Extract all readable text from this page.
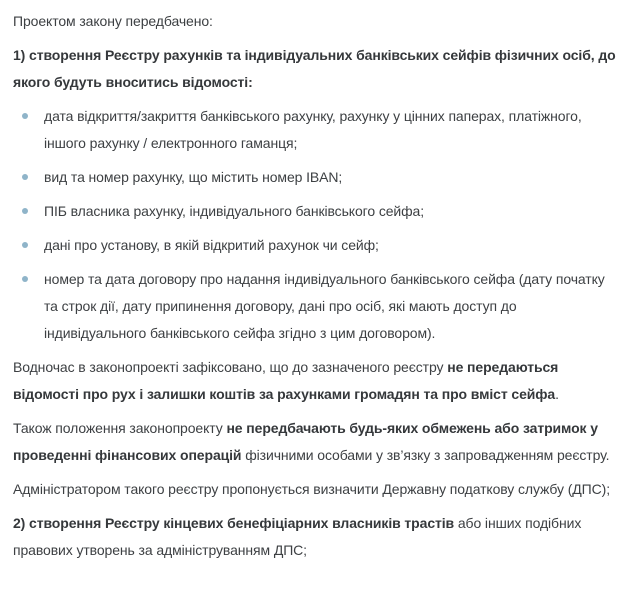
Проектом закону передбачено:

1) створення Реєстру рахунків та індивідуальних банківських сейфів фізичних осіб, до якого будуть вноситись відомості:

дата відкриття/закриття банківського рахунку, рахунку у цінних паперах, платіжного, іншого рахунку / електронного гаманця;
вид та номер рахунку, що містить номер IBAN;
ПІБ власника рахунку, індивідуального банківського сейфа;
дані про установу, в якій відкритий рахунок чи сейф;
номер та дата договору про надання індивідуального банківського сейфа (дату початку та строк дії, дату припинення договору, дані про осіб, які мають доступ до індивідуального банківського сейфа згідно з цим договором).

Водночас в законопроекті зафіксовано, що до зазначеного реєстру не передаються відомості про рух і залишки коштів за рахунками громадян та про вміст сейфа.

Також положення законопроекту не передбачають будь-яких обмежень або затримок у проведенні фінансових операцій фізичними особами у зв’язку з запровадженням реєстру.

Адміністратором такого реєстру пропонується визначити Державну податкову службу (ДПС);

2) створення Реєстру кінцевих бенефіціарних власників трастів або інших подібних правових утворень за адмініструванням ДПС;
